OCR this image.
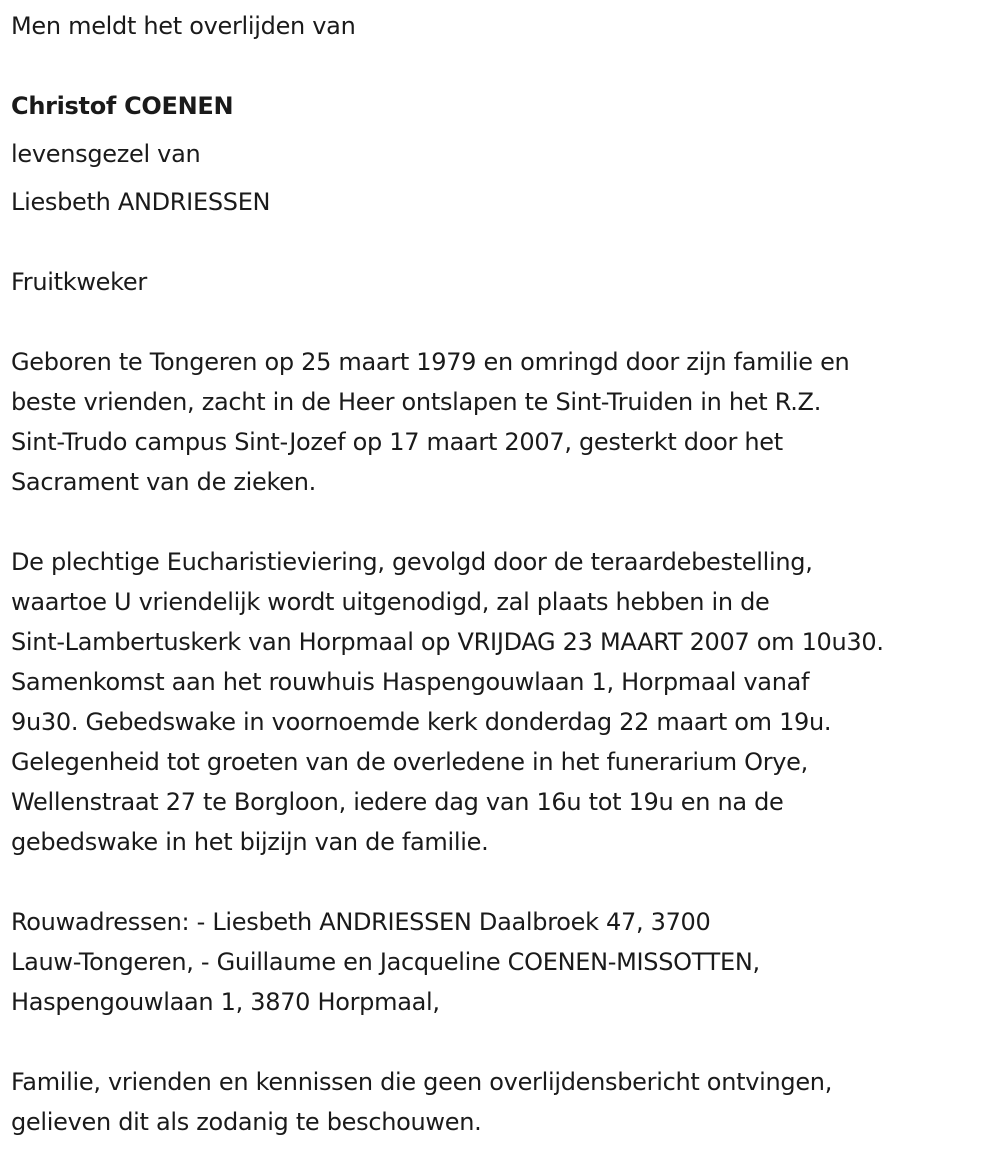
Men meldt het overlijden van
Christof COENEN
levensgezel van
Liesbeth ANDRIESSEN
Fruitkweker
Geboren te Tongeren op 25 maart 1979 en omringd door zijn familie en
beste vrienden, zacht in de Heer ontslapen te Sint-Truiden in het R.Z.
Sint-Trudo campus Sint-Jozef op 17 maart 2007, gesterkt door het
Sacrament van de zieken.
De plechtige Eucharistieviering, gevolgd door de teraardebestelling,
waartoe U vriendelijk wordt uitgenodigd, zal plaats hebben in de
Sint-Lambertuskerk van Horpmaal op VRIJDAG 23 MAART 2007 om 10u30.
Samenkomst aan het rouwhuis Haspengouwlaan 1, Horpmaal vanaf
9u30. Gebedswake in voornoemde kerk donderdag 22 maart om 19u.
Gelegenheid tot groeten van de overledene in het funerarium Orye,
Wellenstraat 27 te Borgloon, iedere dag van 16u tot 19u en na de
gebedswake in het bijzijn van de familie.
Rouwadressen: - Liesbeth ANDRIESSEN Daalbroek 47, 3700
Lauw-Tongeren, - Guillaume en Jacqueline COENEN-MISSOTTEN,
Haspengouwlaan 1, 3870 Horpmaal,
Familie, vrienden en kennissen die geen overlijdensbericht ontvingen,
gelieven dit als zodanig te beschouwen.
